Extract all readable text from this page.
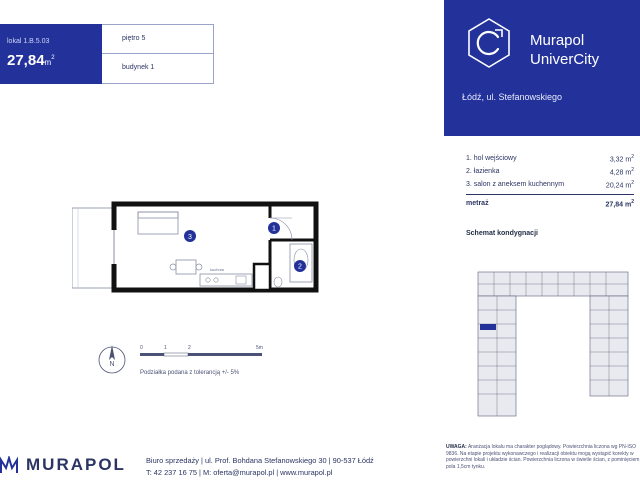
lokal 1.B.5.03
$27,84m^2$
piętro 5
budynek 1
Murapol
UniverCity
Łódź, ul. Stefanowskiego
1. hol wejściowy	3,32 $m^2$
2. łazienka	4,28 $m^2$
3. salon z aneksem kuchennym	20,24 $m^2$
metraż	27,84 $m^2$
Schemat kondygnacji
kuchnia
3
1
2
N
0	1	2	5m
Podziałka podana z tolerancją +/- 5%
MURAPOL	Biuro sprzedaży | ul. Prof. Bohdana Stefanowskiego 30 | 90-537 Łódź
T: 42 237 16 75 | M: oferta@murapol.pl | www.murapol.pl
UWAGA: Aranżacja lokalu ma charakter poglądowy. Powierzchnia liczona wg PN-ISO 9836. Na etapie projektu wykonawczego i realizacji obiektu mogą wystąpić korekty w powierzchni lokali i układzie ścian. Powierzchnia liczona w świetle ścian, z pominięciem pola 1,5cm tynku.
